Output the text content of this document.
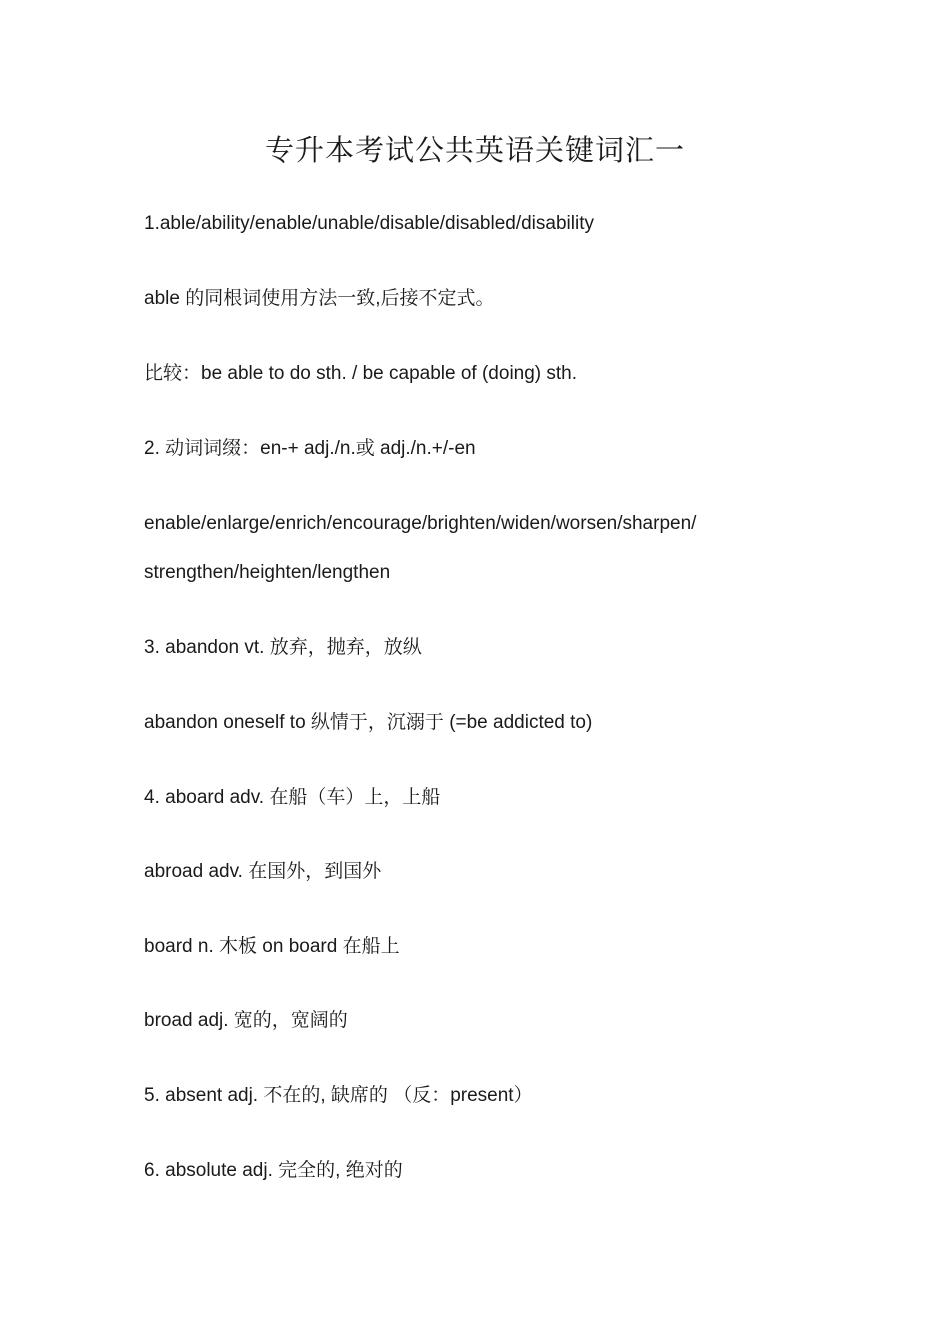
专升本考试公共英语关键词汇一
1.able/ability/enable/unable/disable/disabled/disability
able 的同根词使用方法一致,后接不定式。
比较：be able to do sth. / be capable of (doing) sth.
2. 动词词缀：en-+ adj./n.或 adj./n.+/-en
enable/enlarge/enrich/encourage/brighten/widen/worsen/sharpen/
strengthen/heighten/lengthen
3. abandon vt. 放弃，抛弃，放纵
abandon oneself to 纵情于，沉溺于 (=be addicted to)
4. aboard adv. 在船（车）上，上船
abroad adv. 在国外，到国外
board n. 木板 on board 在船上
broad adj. 宽的，宽阔的
5. absent adj. 不在的, 缺席的 （反：present）
6. absolute adj. 完全的, 绝对的
